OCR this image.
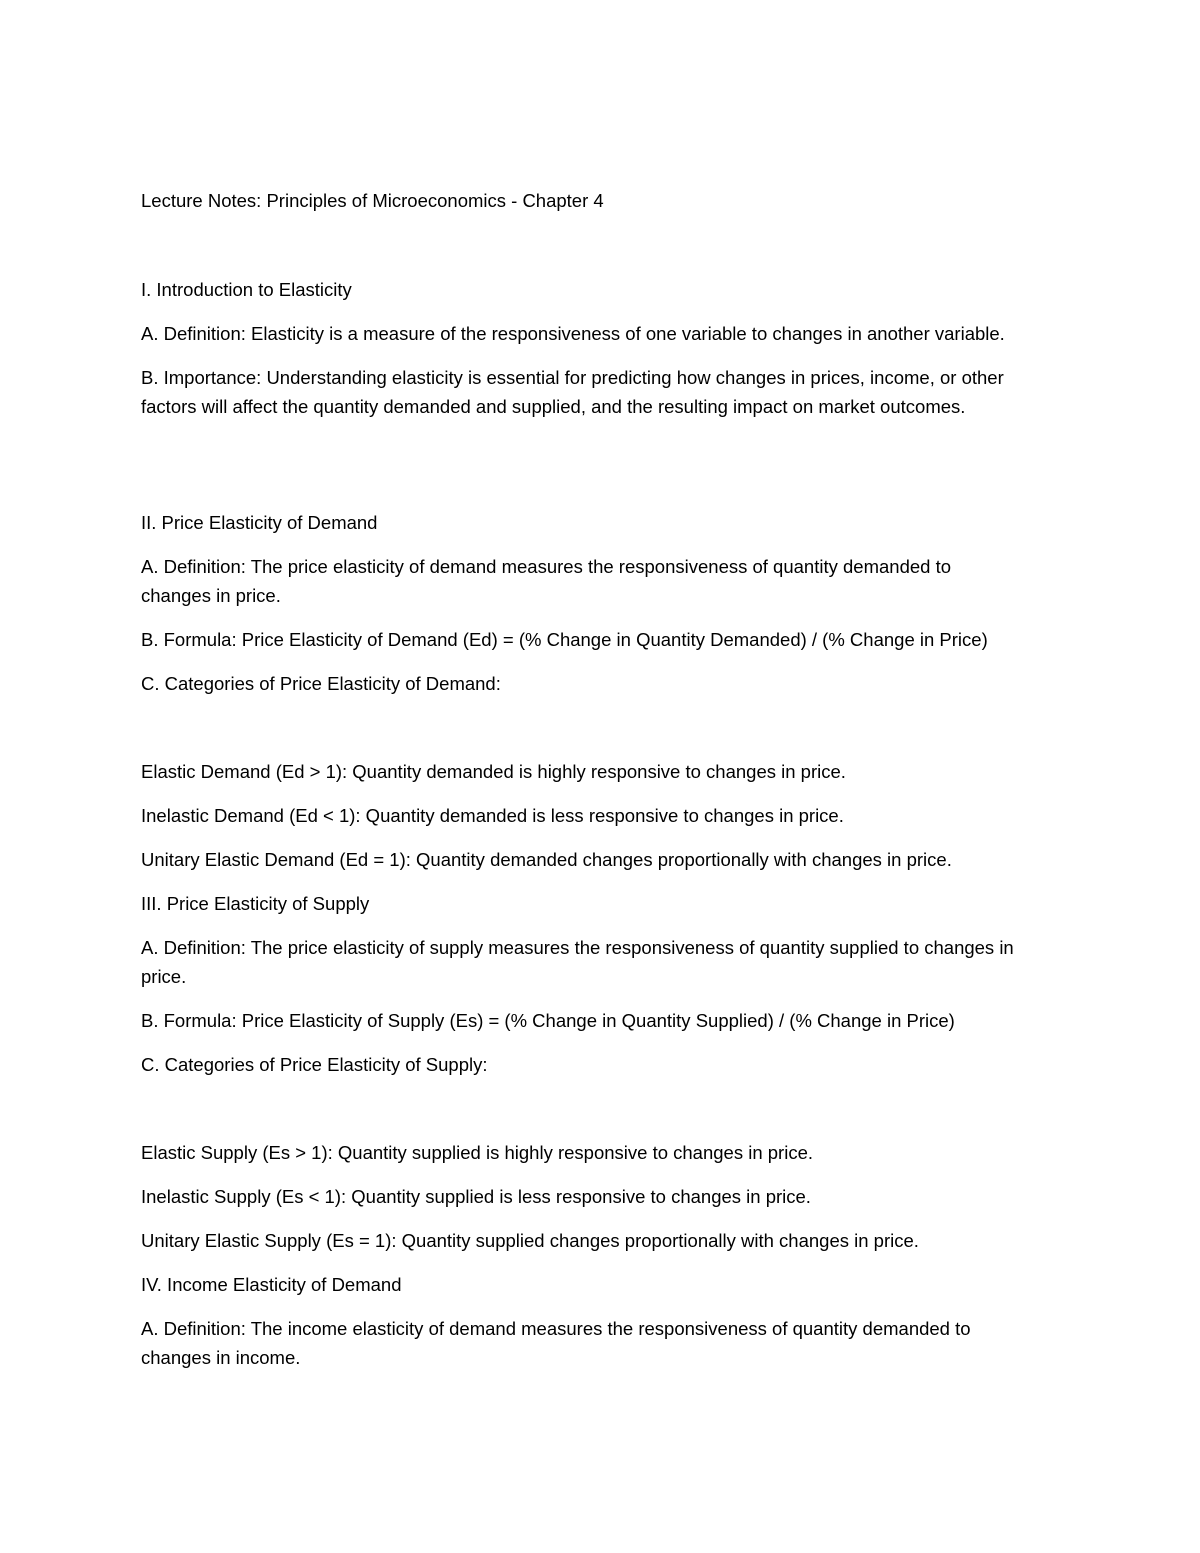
Lecture Notes: Principles of Microeconomics - Chapter 4
I. Introduction to Elasticity
A. Definition: Elasticity is a measure of the responsiveness of one variable to changes in another variable.
B. Importance: Understanding elasticity is essential for predicting how changes in prices, income, or other factors will affect the quantity demanded and supplied, and the resulting impact on market outcomes.
II. Price Elasticity of Demand
A. Definition: The price elasticity of demand measures the responsiveness of quantity demanded to changes in price.
B. Formula: Price Elasticity of Demand (Ed) = (% Change in Quantity Demanded) / (% Change in Price)
C. Categories of Price Elasticity of Demand:
Elastic Demand (Ed > 1): Quantity demanded is highly responsive to changes in price.
Inelastic Demand (Ed < 1): Quantity demanded is less responsive to changes in price.
Unitary Elastic Demand (Ed = 1): Quantity demanded changes proportionally with changes in price.
III. Price Elasticity of Supply
A. Definition: The price elasticity of supply measures the responsiveness of quantity supplied to changes in price.
B. Formula: Price Elasticity of Supply (Es) = (% Change in Quantity Supplied) / (% Change in Price)
C. Categories of Price Elasticity of Supply:
Elastic Supply (Es > 1): Quantity supplied is highly responsive to changes in price.
Inelastic Supply (Es < 1): Quantity supplied is less responsive to changes in price.
Unitary Elastic Supply (Es = 1): Quantity supplied changes proportionally with changes in price.
IV. Income Elasticity of Demand
A. Definition: The income elasticity of demand measures the responsiveness of quantity demanded to changes in income.
